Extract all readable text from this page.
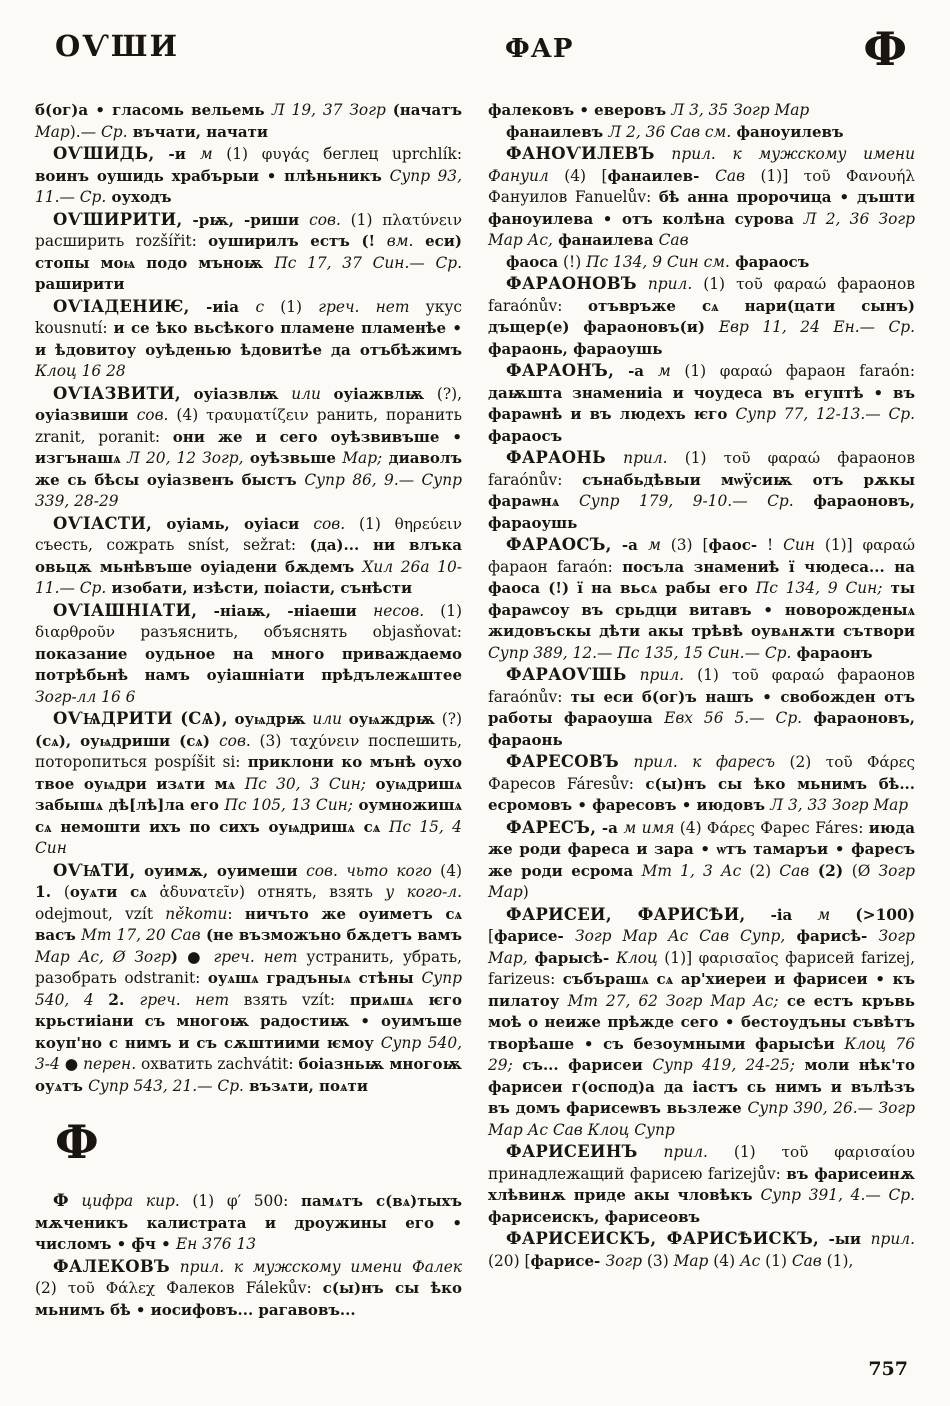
ОѴШИ	ФАР	Ф

б(ог)а • гласомь вельемь Л 19, 37 Зогр (начатъ Мар).— Ср. въчати, начати

ОѴШИДЬ, -и м (1) φυγάς беглец uprchlík: воинъ оушидь храбърыи • плѣньникъ Супр 93, 11.— Ср. оуходъ

ОѴШИРИТИ, -рѭ, -риши сов. (1) πλατύνειν расширить rozšířit: оуширилъ естъ (! вм. еси) стопы моѩ подо мъноѭ Пс 17, 37 Син.— Ср. раширити

ОѴІАДЕНИѤ, -иіа с (1) греч. нет укус kousnutí: и се ѣко вьсѣкого пламене пламенѣе • и ѣдовитоу оуѣденью ѣдовитѣе да отъбѣжимъ Клоц 16 28

ОѴІАЗВИТИ, оуіазвлѭ или оуіажвлѭ (?), оуіазвиши сов. (4) τραυματίζειν ранить, поранить zranit, poranit: они же и сего оуѣзвивъше • изгънашѧ Л 20, 12 Зогр, оуѣзвьше Мар; диаволъ же сь бѣсы оуіазвенъ быстъ Супр 86, 9.— Супр 339, 28-29

ОѴІАСТИ, оуіамь, оуіаси сов. (1) θηρεύειν съесть, сожрать sníst, sežrat: (да)... ни влъка овьцѫ мьнѣвъше оуіадени бѫдемъ Хил 26а 10-11.— Ср. изобати, изѣсти, поіасти, сънѣсти

ОѴІАШНІАТИ, -ніаѭ, -ніаеши несов. (1) διαρθροῦν разъяснить, объяснять objasňovat: показание оудьное на много приваждаемо потрѣбьнѣ намъ оуіашніати прѣдълежѧштее Зогр-лл 16 6

ОѴѨДРИТИ (СѦ), оуѩдрѭ или оуѩждрѭ (?) (сѧ), оуѩдриши (сѧ) сов. (3) ταχύνειν поспешить, поторопиться pospíšit si: приклони ко мънѣ оухо твое оуѩдри изѧти мѧ Пс 30, 3 Син; оуѩдришѧ забышѧ дѣ[лѣ]ла его Пс 105, 13 Син; оумножишѧ сѧ немошти ихъ по сихъ оуѩдришѧ сѧ Пс 15, 4 Син

ОѴѨТИ, оуимѫ, оуимеши сов. чьто кого (4) 1. (оуѧти сѧ ἀδυνατεῖν) отнять, взять у кого-л. odejmout, vzít někomu: ничъто же оуиметъ сѧ васъ Мт 17, 20 Сав (не възможъно бѫдетъ вамъ Мар Ас, Ø Зогр) ● греч. нет устранить, убрать, разобрать odstranit: оуѧшѧ градъныѧ стѣны Супр 540, 4 2. греч. нет взять vzít: приѧшѧ ѥго крьстиіани съ многоѭ радостиѭ • оуимъше коуп'но с нимъ и съ сѫштиими ѥмоу Супр 540, 3-4 ● перен. охватить zachvátit: боіазньѭ многоѭ оуѧтъ Супр 543, 21.— Ср. възѧти, поѧти

Ф

Ф цифра кир. (1) φ′ 500: памѧтъ с(вѧ)тыхъ мѫченикъ калистрата и дроужины его • числомъ • ф̄ч • Ен 376 13

ФАЛЕКОВЪ прил. к мужскому имени Фалек (2) τοῦ Φάλεχ Фалеков Fálekův: с(ы)нъ сы ѣко мьнимъ бѣ • иосифовъ... рагавовъ...

фалековъ • еверовъ Л 3, 35 Зогр Мар

фанаилевъ Л 2, 36 Сав см. фаноуилевъ

ФАНОѴИЛЕВЪ прил. к мужскому имени Фануил (4) [фанаилев- Сав (1)] τοῦ Φανουήλ Фануилов Fanuelův: бѣ анна пророчица • дъшти фаноуилева • отъ колѣна сурова Л 2, 36 Зогр Мар Ас, фанаилева Сав

фаоса (!) Пс 134, 9 Син см. фараосъ

ФАРАОНОВЪ прил. (1) τοῦ φαραώ фараонов faraónův: отъвръже сѧ нари(цати сынъ) дъщер(е) фараоновъ(и) Евр 11, 24 Ен.— Ср. фараонь, фараоушь

ФАРАОНЪ, -а м (1) φαραώ фараон faraón: даѭшта знамениіа и чоудеса въ егуптѣ • въ фараѡнѣ и въ людехъ ѥго Супр 77, 12-13.— Ср. фараосъ

ФАРАОНЬ прил. (1) τοῦ φαραώ фараонов faraónův: сънабьдѣвыи мѡӱсиѭ отъ рѫкы фараѡнѧ Супр 179, 9-10.— Ср. фараоновъ, фараоушь

ФАРАОСЪ, -а м (3) [фаос- ! Син (1)] φαραώ фараон faraón: посъла знамениѣ ї чюдеса... на фаоса (!) ї на вьсѧ рабы его Пс 134, 9 Син; ты фараѡсоу въ срьдци витавъ • новорожденыѧ жидовъскы дѣти акы трѣвѣ оувѧнѫти сътвори Супр 389, 12.— Пс 135, 15 Син.— Ср. фараонъ

ФАРАОѴШЬ прил. (1) τοῦ φαραώ фараонов faraónův: ты еси б(ог)ъ нашъ • свобожден отъ работы фараоуша Евх 56 5.— Ср. фараоновъ, фараонь

ФАРЕСОВЪ прил. к фаресъ (2) τοῦ Φάρες Фаресов Fáresův: с(ы)нъ сы ѣко мьнимъ бѣ... есромовъ • фаресовъ • июдовъ Л 3, 33 Зогр Мар

ФАРЕСЪ, -а м имя (4) Φάρες Фарес Fáres: июда же роди фареса и зара • ѡтъ тамаръи • фаресъ же роди есрома Мт 1, 3 Ас (2) Сав (2) (Ø Зогр Мар)

ФАРИСЕИ, ФАРИСѢИ, -іа м (>100) [фарисе- Зогр Мар Ас Сав Супр, фарисѣ- Зогр Мар, фарысѣ- Клоц (1)] φαρισαῖος фарисей farizej, farizeus: събърашѧ сѧ ар'хиереи и фарисеи • къ пилатоу Мт 27, 62 Зогр Мар Ас; се естъ кръвь моѣ о неиже прѣжде сего • бестоудъны съвѣтъ творѣаше • съ безоумными фарысѣи Клоц 76 29; съ... фарисеи Супр 419, 24-25; моли нѣк'то фарисеи г(оспод)а да іастъ сь нимъ и вълѣзъ въ домъ фарисеѡвъ вьзлеже Супр 390, 26.— Зогр Мар Ас Сав Клоц Супр

ФАРИСЕИНЪ прил. (1) τοῦ φαρισαίου принадлежащий фарисею farizejův: въ фарисеинѫ хлѣвинѫ приде акы чловѣкъ Супр 391, 4.— Ср. фарисеискъ, фарисеовъ

ФАРИСЕИСКЪ, ФАРИСѢИСКЪ, -ыи прил. (20) [фарисе- Зогр (3) Мар (4) Ас (1) Сав (1),

757
